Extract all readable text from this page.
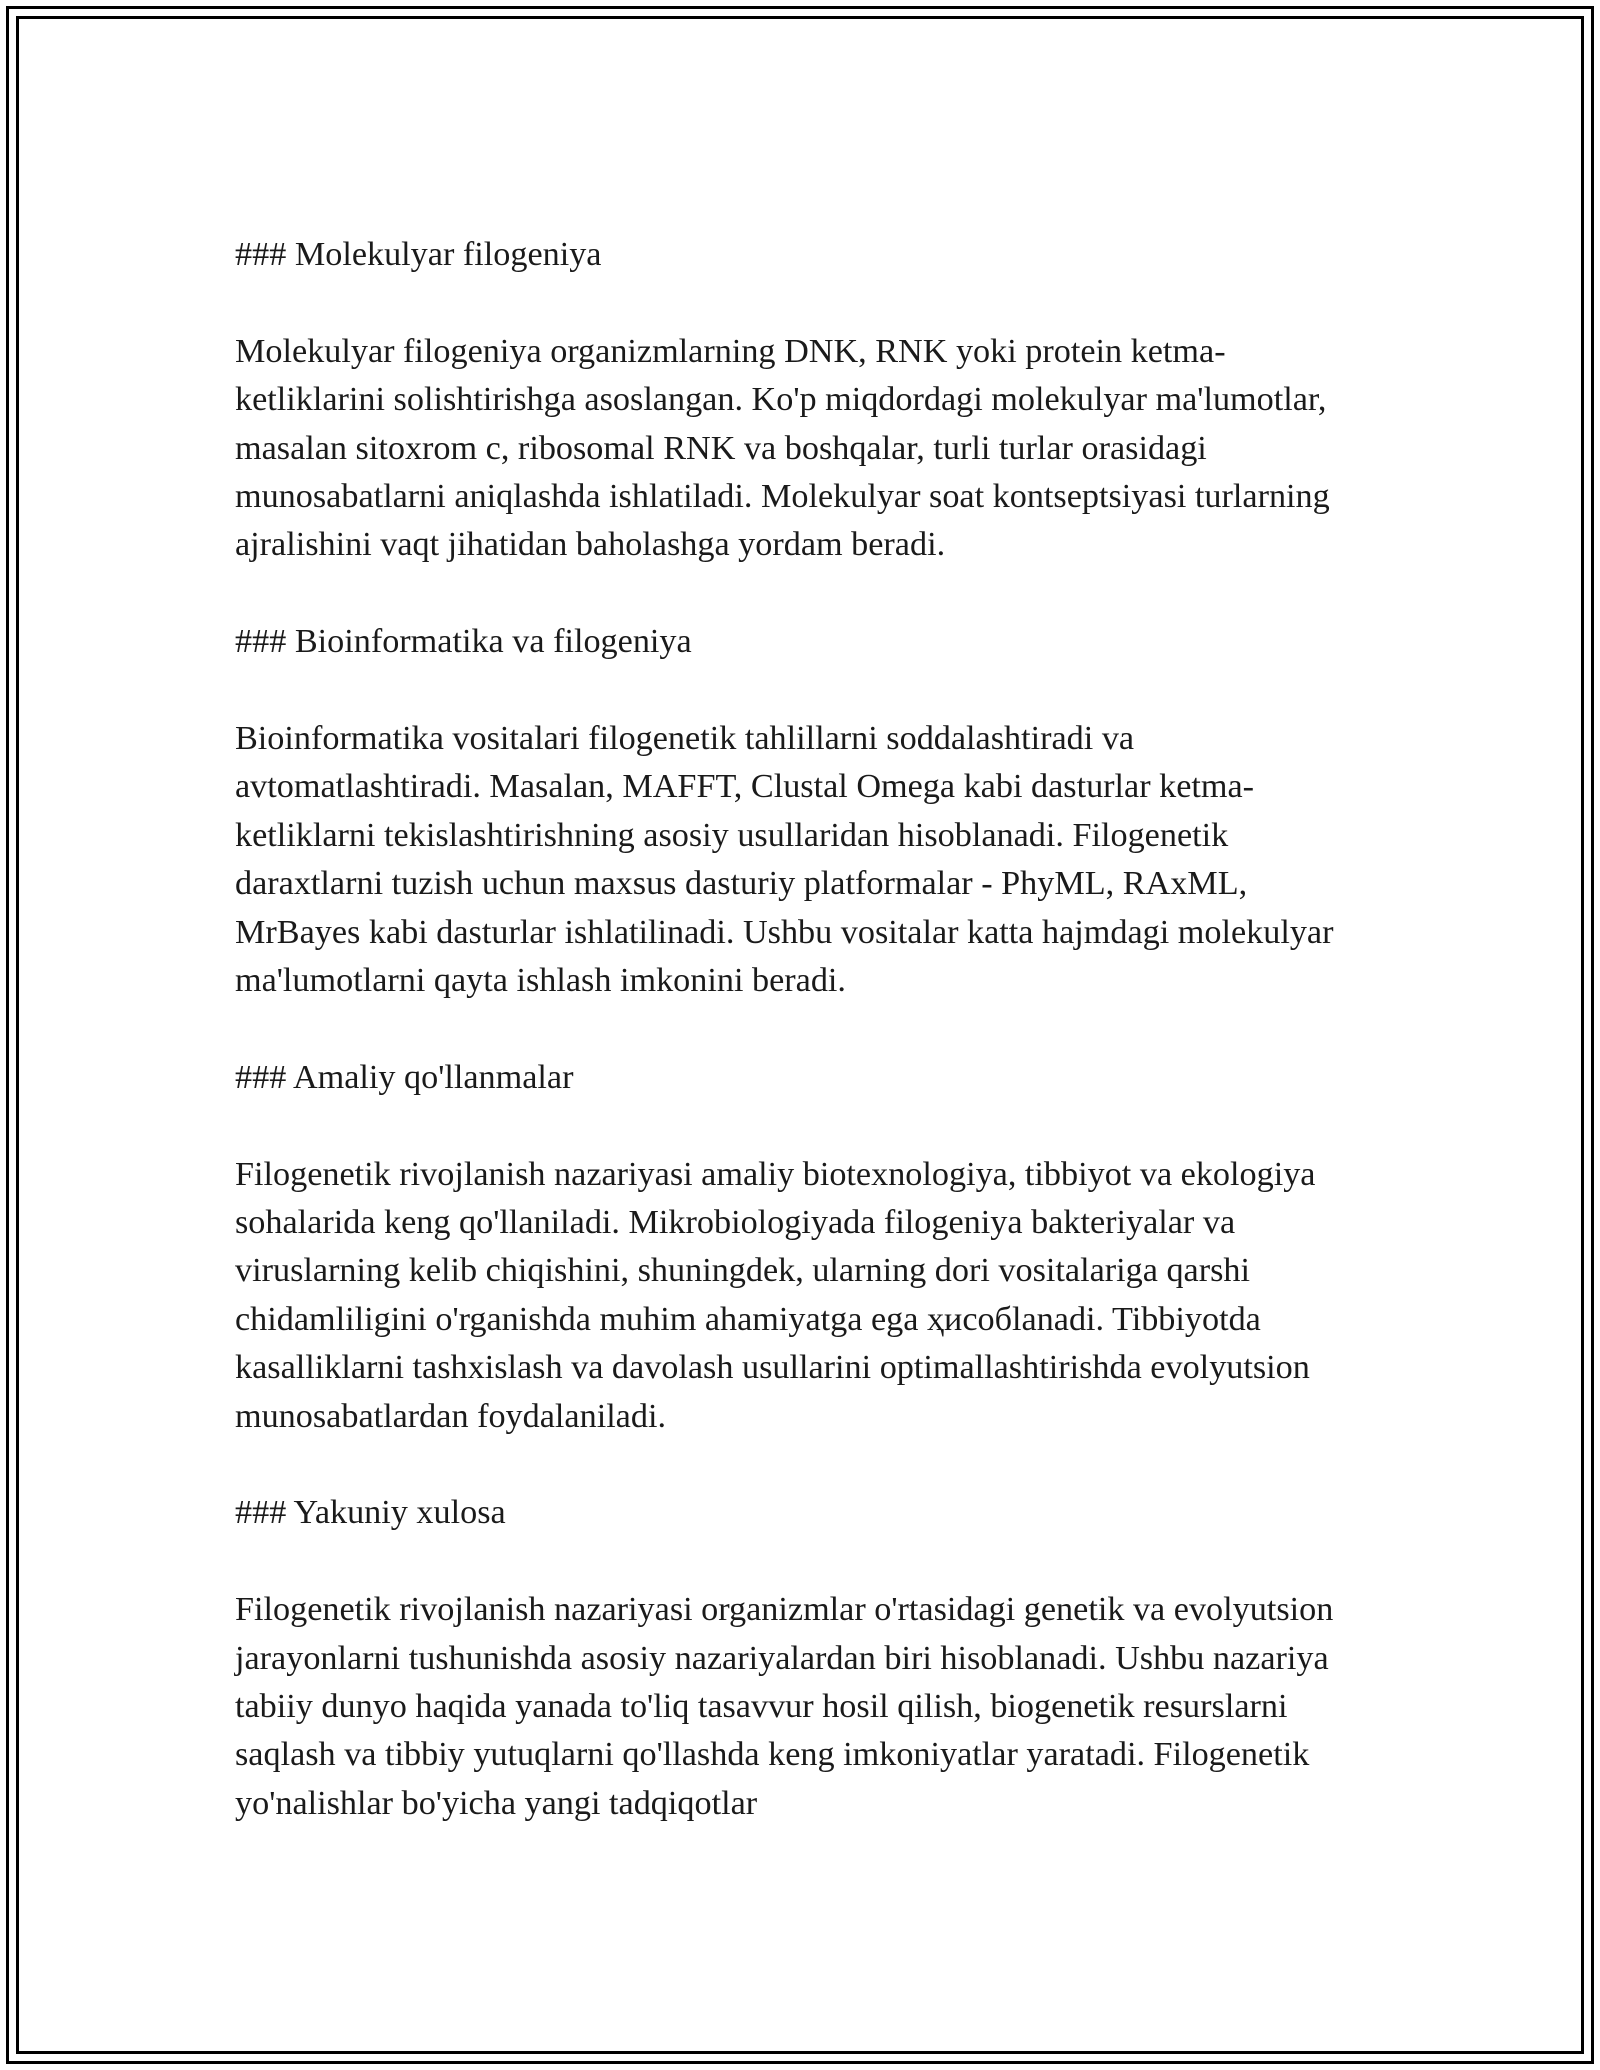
### Molekulyar filogeniya

Molekulyar filogeniya organizmlarning DNK, RNK yoki protein ketma-ketliklarini solishtirishga asoslangan. Ko'p miqdordagi molekulyar ma'lumotlar, masalan sitoxrom c, ribosomal RNK va boshqalar, turli turlar orasidagi munosabatlarni aniqlashda ishlatiladi. Molekulyar soat kontseptsiyasi turlarning ajralishini vaqt jihatidan baholashga yordam beradi.

### Bioinformatika va filogeniya

Bioinformatika vositalari filogenetik tahlillarni soddalashtiradi va avtomatlashtiradi. Masalan, MAFFT, Clustal Omega kabi dasturlar ketma-ketliklarni tekislashtirishning asosiy usullaridan hisoblanadi. Filogenetik daraxtlarni tuzish uchun maxsus dasturiy platformalar - PhyML, RAxML, MrBayes kabi dasturlar ishlatilinadi. Ushbu vositalar katta hajmdagi molekulyar ma'lumotlarni qayta ishlash imkonini beradi.

### Amaliy qo'llanmalar

Filogenetik rivojlanish nazariyasi amaliy biotexnologiya, tibbiyot va ekologiya sohalarida keng qo'llaniladi. Mikrobiologiyada filogeniya bakteriyalar va viruslarning kelib chiqishini, shuningdek, ularning dori vositalariga qarshi chidamliligini o'rganishda muhim ahamiyatga ega ҳисобlanadi. Tibbiyotda kasalliklarni tashxislash va davolash usullarini optimallashtirishda evolyutsion munosabatlardan foydalaniladi.

### Yakuniy xulosa

Filogenetik rivojlanish nazariyasi organizmlar o'rtasidagi genetik va evolyutsion jarayonlarni tushunishda asosiy nazariyalardan biri hisoblanadi. Ushbu nazariya tabiiy dunyo haqida yanada to'liq tasavvur hosil qilish, biogenetik resurslarni saqlash va tibbiy yutuqlarni qo'llashda keng imkoniyatlar yaratadi. Filogenetik yo'nalishlar bo'yicha yangi tadqiqotlar
